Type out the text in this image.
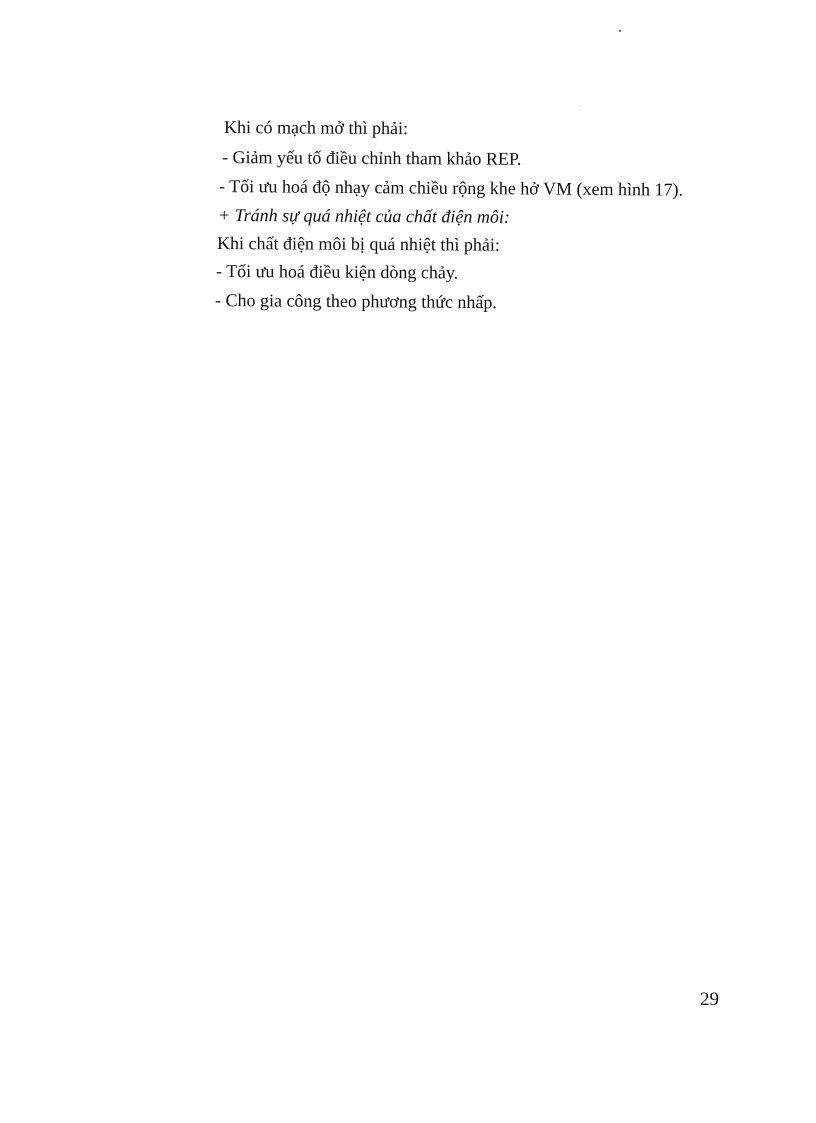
Khi có mạch mở thì phải:
- Giảm yếu tố điều chỉnh tham khảo REP.
- Tối ưu hoá độ nhạy cảm chiều rộng khe hở VM (xem hình 17).
+ Tránh sự quá nhiệt của chất điện môi:
Khi chất điện môi bị quá nhiệt thì phải:
- Tối ưu hoá điều kiện dòng chảy.
- Cho gia công theo phương thức nhấp.
29
